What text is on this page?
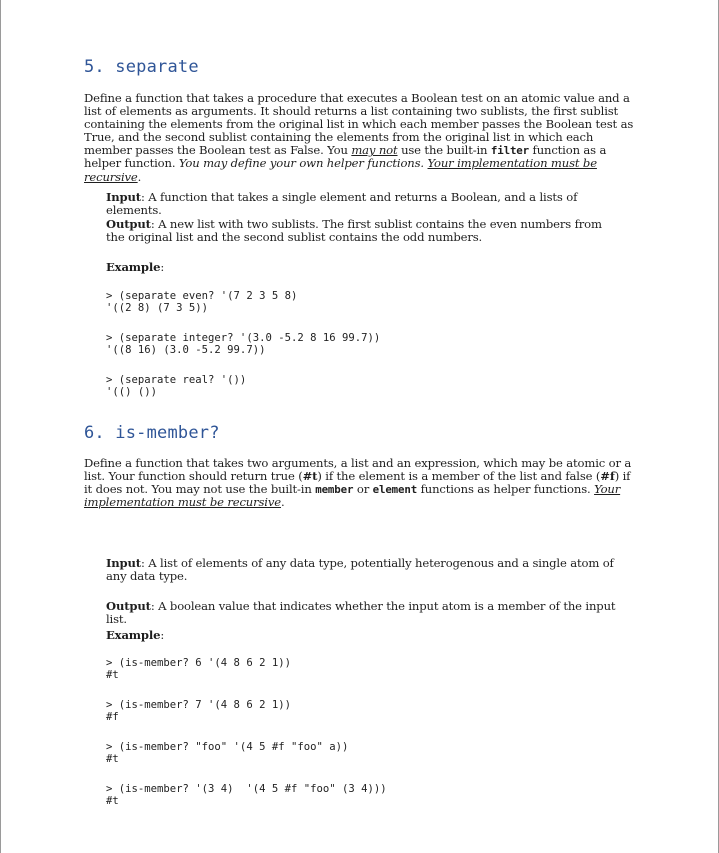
5. separate

Define a function that takes a procedure that executes a Boolean test on an atomic value and a list of elements as arguments. It should returns a list containing two sublists, the first sublist containing the elements from the original list in which each member passes the Boolean test as True, and the second sublist containing the elements from the original list in which each member passes the Boolean test as False. You may not use the built-in filter function as a helper function. You may define your own helper functions. Your implementation must be recursive.

Input: A function that takes a single element and returns a Boolean, and a lists of elements.

Output: A new list with two sublists. The first sublist contains the even numbers from the original list and the second sublist contains the odd numbers.

Example:

> (separate even? '(7 2 3 5 8)
'((2 8) (7 3 5))
> (separate integer? '(3.0 -5.2 8 16 99.7))
'((8 16) (3.0 -5.2 99.7))
> (separate real? '())
'(() ())
6. is-member?

Define a function that takes two arguments, a list and an expression, which may be atomic or a list. Your function should return true (#t) if the element is a member of the list and false (#f) if it does not. You may not use the built-in member or element functions as helper functions. Your implementation must be recursive.

Input: A list of elements of any data type, potentially heterogenous and a single atom of any data type.

Output: A boolean value that indicates whether the input atom is a member of the input list.

Example:

> (is-member? 6 '(4 8 6 2 1))
#t
> (is-member? 7 '(4 8 6 2 1))
#f
> (is-member? "foo" '(4 5 #f "foo" a))
#t
> (is-member? '(3 4)  '(4 5 #f "foo" (3 4)))
#t
